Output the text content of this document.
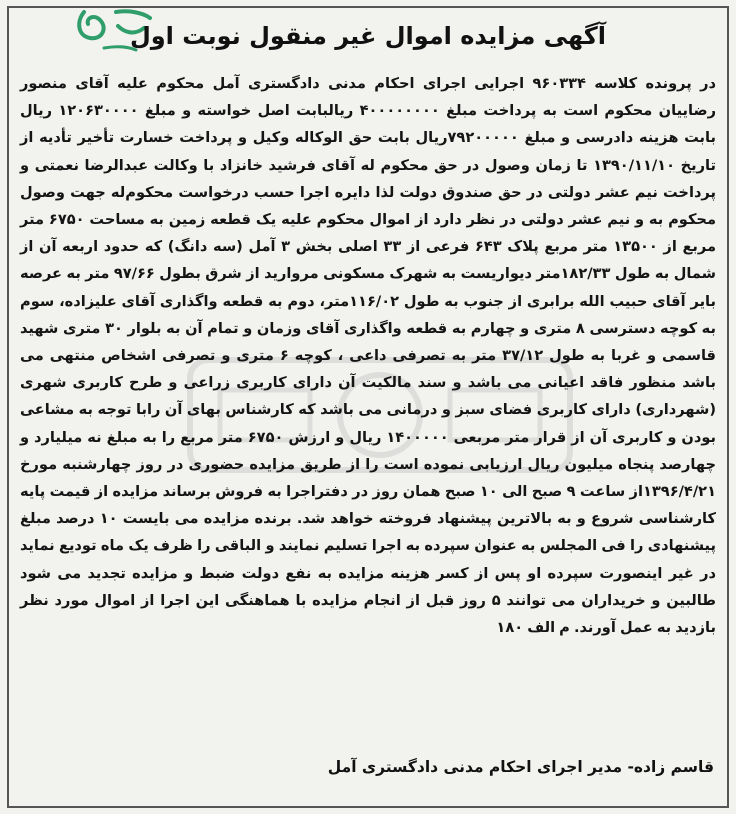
آگهی مزایده اموال غیر منقول نوبت اول
در پرونده کلاسه ۹۶۰۳۳۴ اجرایی اجرای احکام مدنی دادگستری آمل محکوم علیه آقای منصور رضاییان محکوم است به پرداخت مبلغ ۴۰۰۰۰۰۰۰۰ ریالبابت اصل خواسته و مبلغ ۱۲۰۶۳۰۰۰۰ ریال بابت هزینه دادرسی و مبلغ ۷۹۲۰۰۰۰۰ریال بابت حق الوکاله وکیل و پرداخت خسارت تأخیر تأدیه از تاریخ ۱۳۹۰/۱۱/۱۰ تا زمان وصول در حق محکوم له آقای فرشید خانزاد با وکالت عبدالرضا نعمتی و پرداخت نیم عشر دولتی در حق صندوق دولت لذا دایره اجرا حسب درخواست محکوم‌له جهت وصول محکوم به و نیم عشر دولتی در نظر دارد از اموال محکوم علیه یک قطعه زمین به مساحت ۶۷۵۰ متر مربع از ۱۳۵۰۰ متر مربع پلاک ۶۴۳ فرعی از ۳۳ اصلی بخش ۳ آمل (سه دانگ) که حدود اربعه آن از شمال به طول ۱۸۲/۳۳متر دیواریست به شهرک مسکونی مروارید از شرق بطول ۹۷/۶۶ متر به عرصه بایر آقای حبیب الله برابری از جنوب به طول ۱۱۶/۰۲متر، دوم به قطعه واگذاری آقای علیزاده، سوم به کوچه دسترسی ۸ متری و چهارم به قطعه واگذاری آقای وزمان و تمام آن به بلوار ۳۰ متری شهید قاسمی و غربا به طول ۳۷/۱۲ متر به تصرفی داعی ، کوچه ۶ متری و تصرفی اشخاص منتهی می باشد منظور فاقد اعیانی می باشد و سند مالکیت آن دارای کاربری زراعی و طرح کاربری شهری (شهرداری) دارای کاربری فضای سبز و درمانی می باشد که کارشناس بهای آن رابا توجه به مشاعی بودن و کاربری آن از قرار متر مربعی ۱۴۰۰۰۰۰ ریال و ارزش ۶۷۵۰ متر مربع را به مبلغ نه میلیارد و چهارصد پنجاه میلیون ریال ارزیابی نموده است را از طریق مزایده حضوری در روز چهارشنبه مورخ ۱۳۹۶/۴/۲۱از ساعت ۹ صبح الی ۱۰ صبح همان روز در دفتراجرا به فروش برساند مزایده از قیمت پایه کارشناسی شروع و به بالاترین پیشنهاد فروخته خواهد شد. برنده مزایده می بایست ۱۰ درصد مبلغ پیشنهادی را فی المجلس به عنوان سپرده به اجرا تسلیم نمایند و الباقی را ظرف یک ماه تودیع نماید در غیر اینصورت سپرده او پس از کسر هزینه مزایده به نفع دولت ضبط و مزایده تجدید می شود طالبین و خریداران می توانند ۵ روز قبل از انجام مزایده با هماهنگی این اجرا از اموال مورد نظر بازدید به عمل آورند. م الف ۱۸۰
قاسم زاده- مدیر اجرای احکام مدنی دادگستری آمل
